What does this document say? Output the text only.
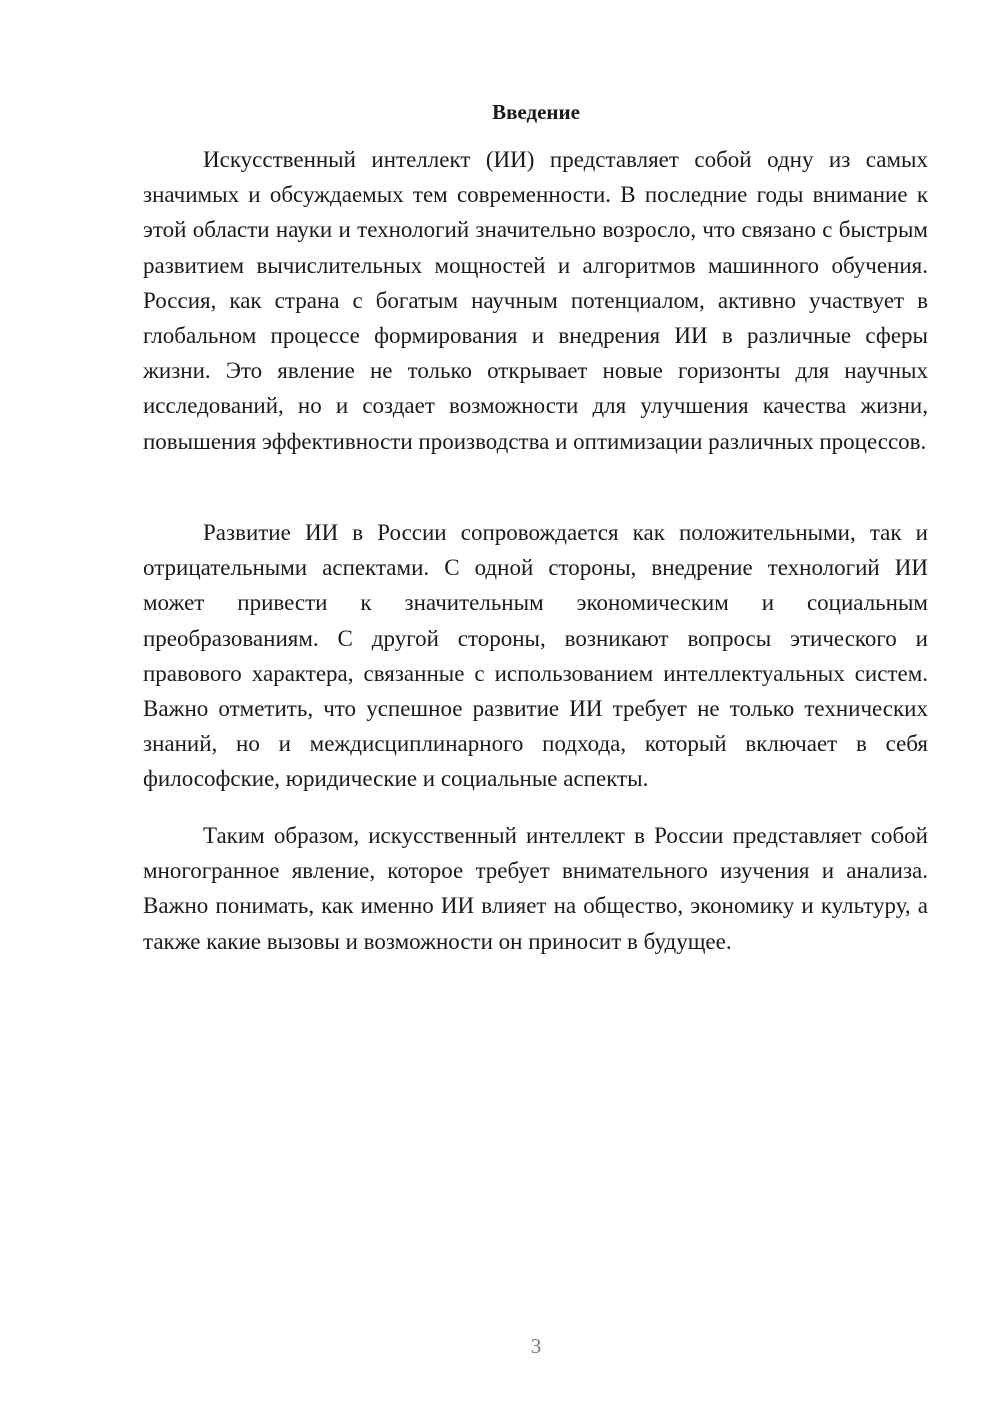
Введение

Искусственный интеллект (ИИ) представляет собой одну из самых значимых и обсуждаемых тем современности. В последние годы внимание к этой области науки и технологий значительно возросло, что связано с быстрым развитием вычислительных мощностей и алгоритмов машинного обучения. Россия, как страна с богатым научным потенциалом, активно участвует в глобальном процессе формирования и внедрения ИИ в различные сферы жизни. Это явление не только открывает новые горизонты для научных исследований, но и создает возможности для улучшения качества жизни, повышения эффективности производства и оптимизации различных процессов.

Развитие ИИ в России сопровождается как положительными, так и отрицательными аспектами. С одной стороны, внедрение технологий ИИ может привести к значительным экономическим и социальным преобразованиям. С другой стороны, возникают вопросы этического и правового характера, связанные с использованием интеллектуальных систем. Важно отметить, что успешное развитие ИИ требует не только технических знаний, но и междисциплинарного подхода, который включает в себя философские, юридические и социальные аспекты.

Таким образом, искусственный интеллект в России представляет собой многогранное явление, которое требует внимательного изучения и анализа. Важно понимать, как именно ИИ влияет на общество, экономику и культуру, а также какие вызовы и возможности он приносит в будущее.

3
